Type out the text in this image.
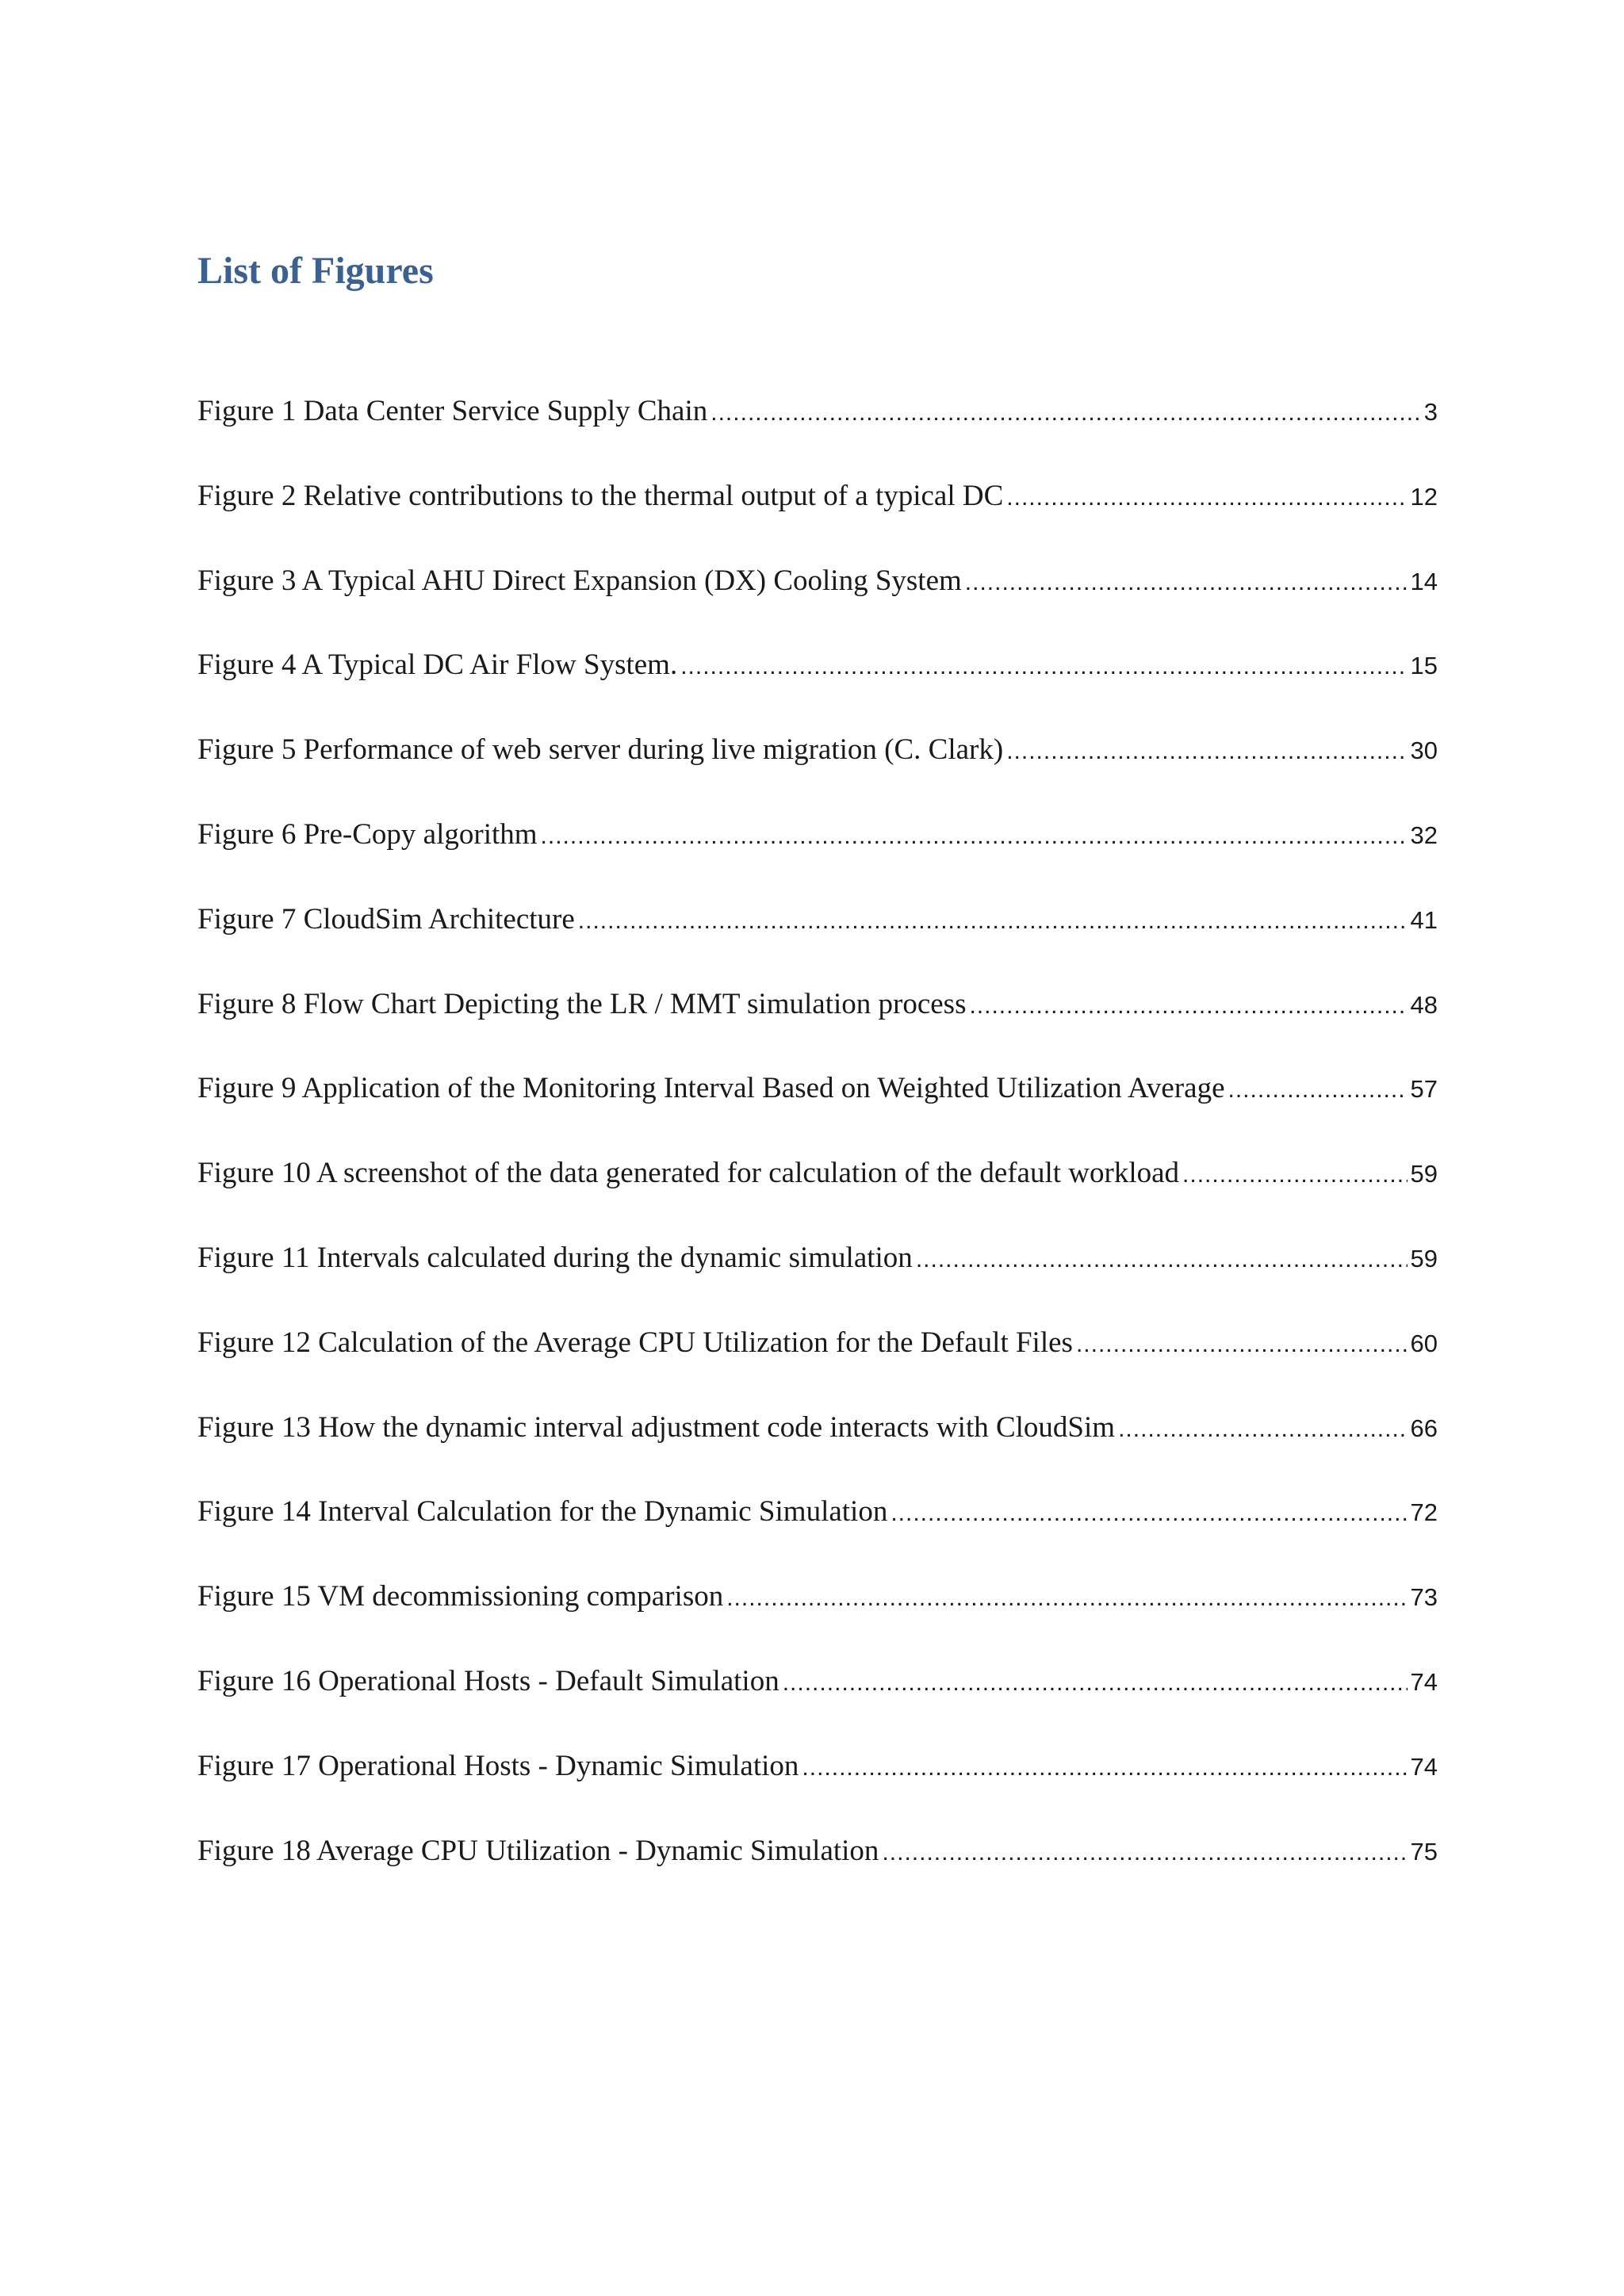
List of Figures
Figure 1 Data Center Service Supply Chain .....	3
Figure 2 Relative contributions to the thermal output of a typical DC .....	12
Figure 3 A Typical AHU Direct Expansion (DX) Cooling System .....	14
Figure 4 A Typical DC Air Flow System. .....	15
Figure 5 Performance of web server during live migration (C. Clark) .....	30
Figure 6 Pre-Copy algorithm .....	32
Figure 7 CloudSim Architecture .....	41
Figure 8 Flow Chart Depicting the LR / MMT simulation process .....	48
Figure 9 Application of the Monitoring Interval Based on Weighted Utilization Average .....	57
Figure 10 A screenshot of the data generated for calculation of the default workload .....	59
Figure 11 Intervals calculated during the dynamic simulation .....	59
Figure 12 Calculation of the Average CPU Utilization for the Default Files .....	60
Figure 13 How the dynamic interval adjustment code interacts with CloudSim .....	66
Figure 14 Interval Calculation for the Dynamic Simulation .....	72
Figure 15 VM decommissioning comparison .....	73
Figure 16 Operational Hosts - Default Simulation .....	74
Figure 17 Operational Hosts - Dynamic Simulation .....	74
Figure 18 Average CPU Utilization - Dynamic Simulation .....	75
